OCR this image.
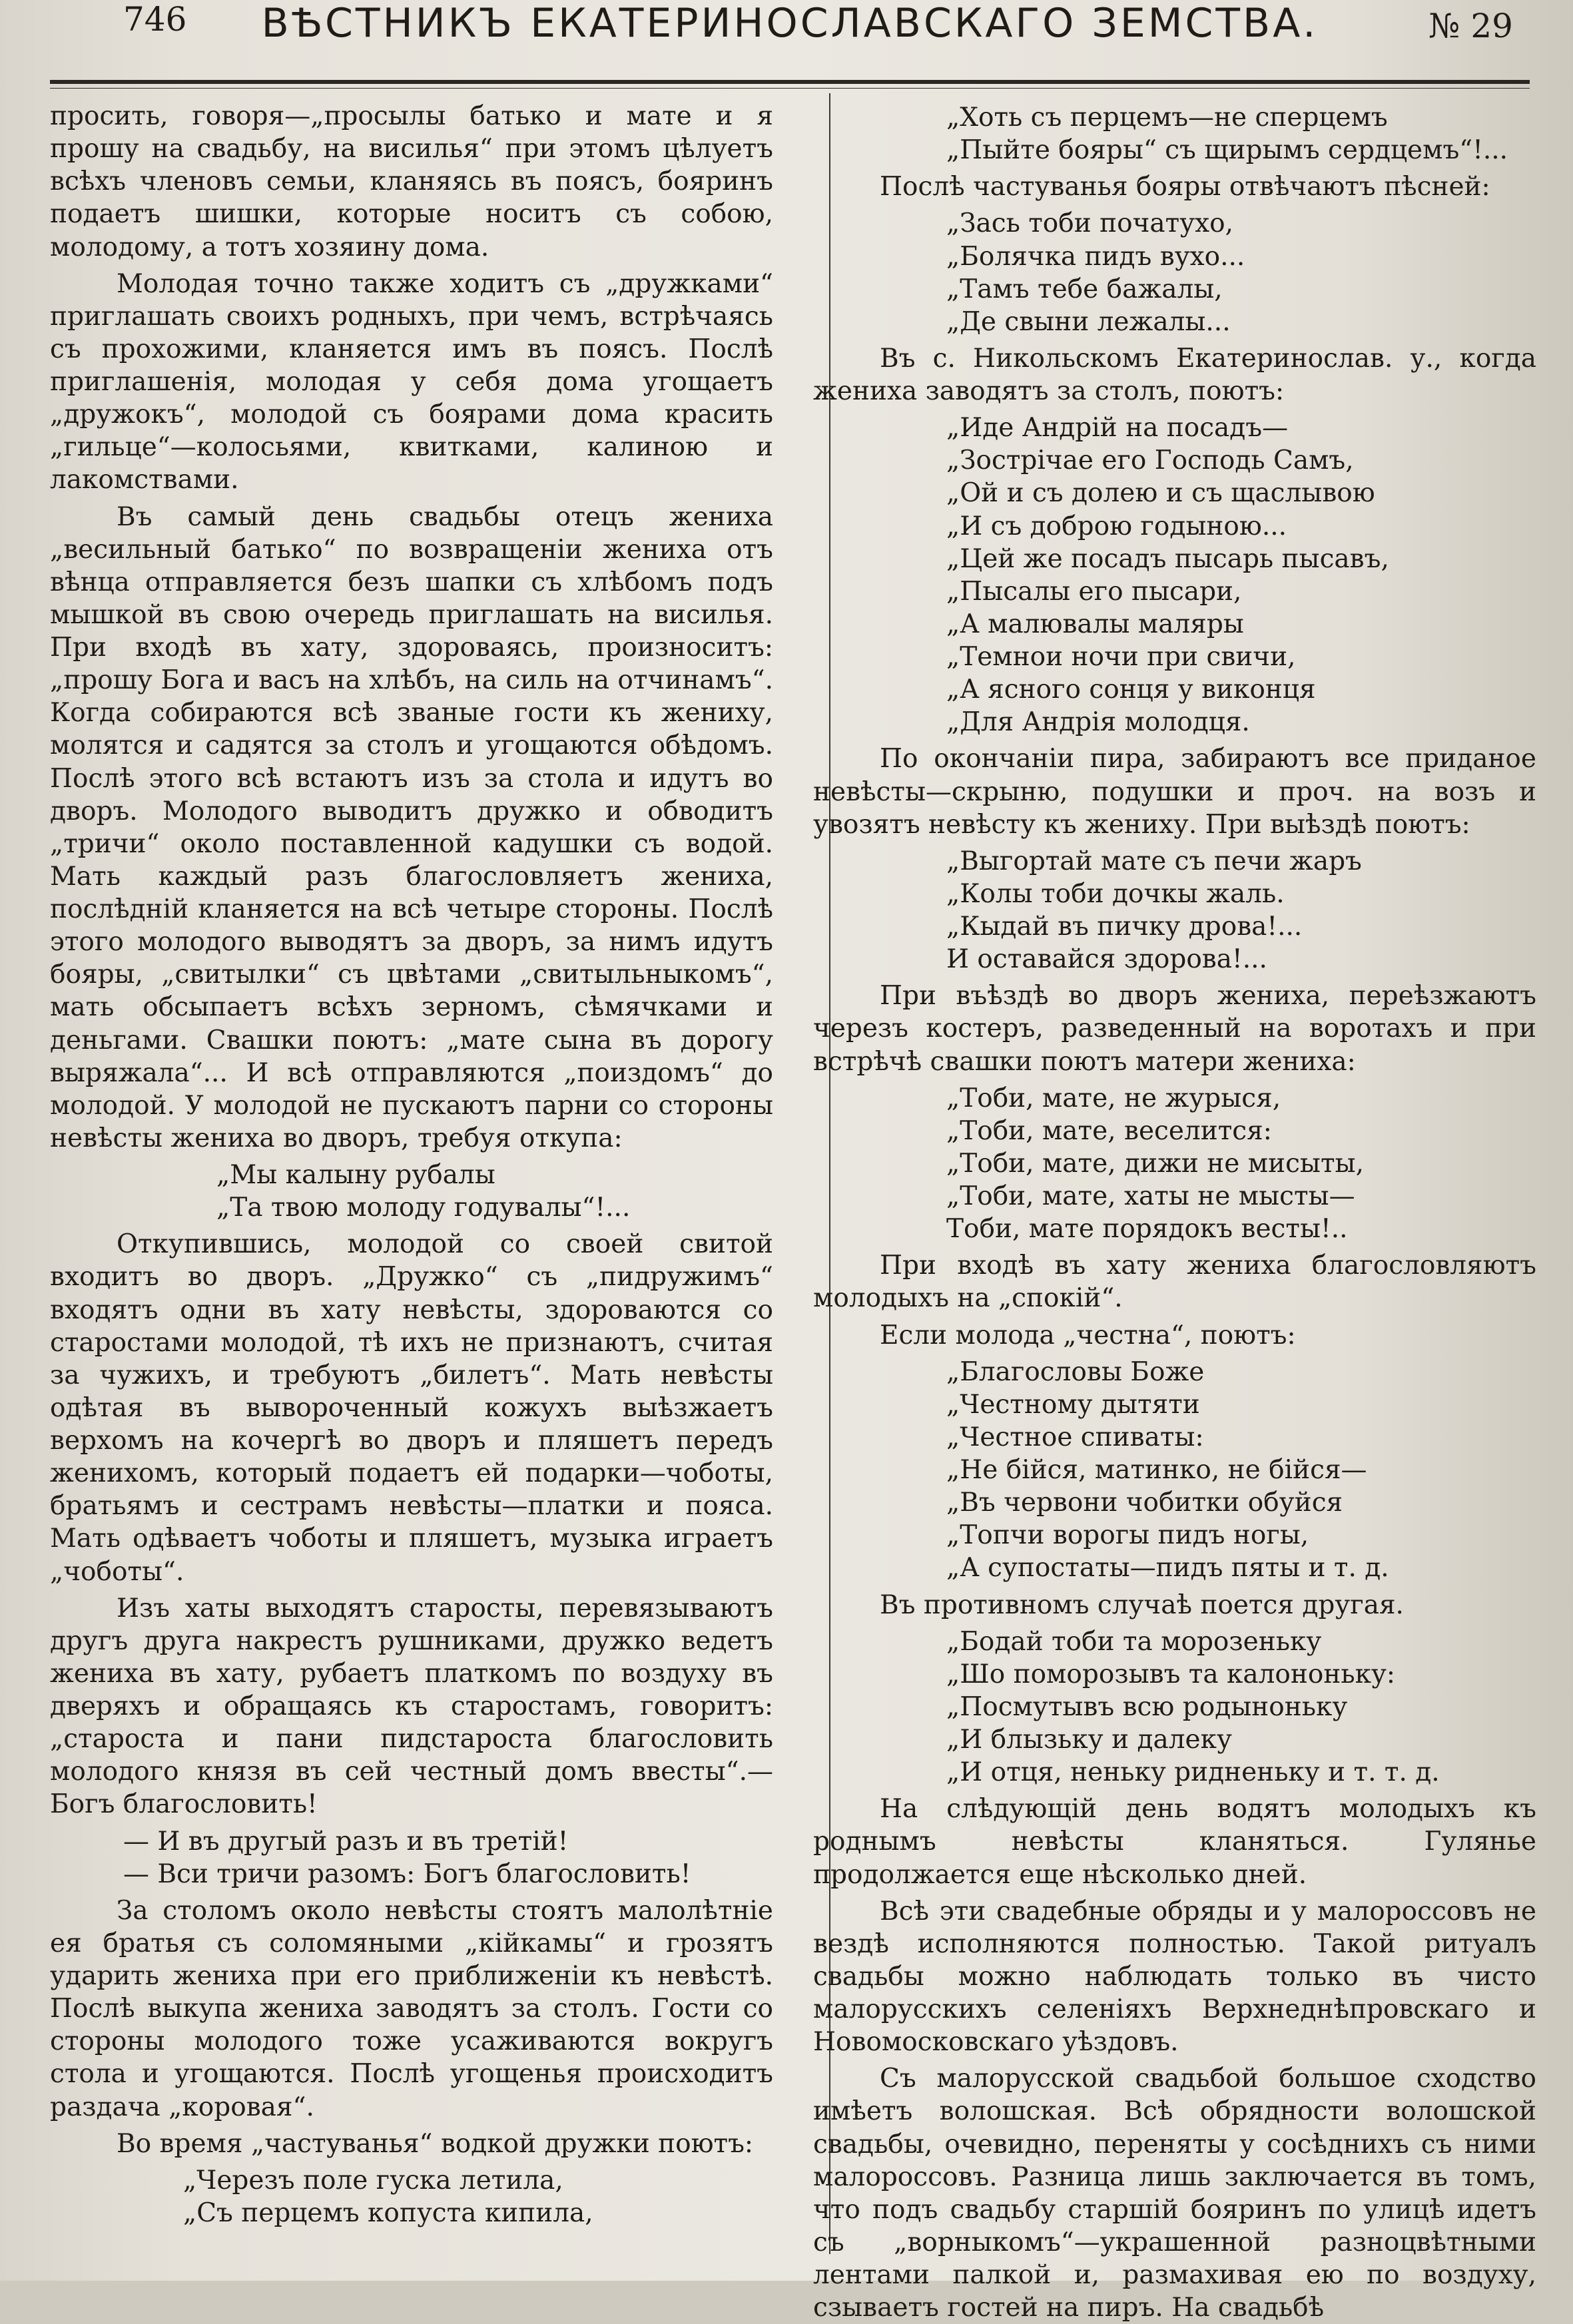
746	ВѢСТНИКЪ ЕКАТЕРИНОСЛАВСКАГО ЗЕМСТВА.	№ 29

просить, говоря—„просылы батько и мате и я прошу на свадьбу, на висилья“ при этомъ цѣлуетъ всѣхъ членовъ семьи, кланяясь въ поясъ, бояринъ подаетъ шишки, которые носитъ съ собою, молодому, а тотъ хозяину дома.

Молодая точно также ходитъ съ „дружками“ приглашать своихъ родныхъ, при чемъ, встрѣчаясь съ прохожими, кланяется имъ въ поясъ. Послѣ приглашенія, молодая у себя дома угощаетъ „дружокъ“, молодой съ боярами дома красить „гильце“—колосьями, квитками, калиною и лакомствами.

Въ самый день свадьбы отецъ жениха „весильный батько“ по возвращеніи жениха отъ вѣнца отправляется безъ шапки съ хлѣбомъ подъ мышкой въ свою очередь приглашать на висилья. При входѣ въ хату, здороваясь, произноситъ: „прошу Бога и васъ на хлѣбъ, на силь на отчинамъ“. Когда собираются всѣ званые гости къ жениху, молятся и садятся за столъ и угощаются обѣдомъ. Послѣ этого всѣ встаютъ изъ за стола и идутъ во дворъ. Молодого выводитъ дружко и обводитъ „тричи“ около поставленной кадушки съ водой. Мать каждый разъ благословляетъ жениха, послѣдній кланяется на всѣ четыре стороны. Послѣ этого молодого выводятъ за дворъ, за нимъ идутъ бояры, „свитылки“ съ цвѣтами „свитыльныкомъ“, мать обсыпаетъ всѣхъ зерномъ, сѣмячками и деньгами. Свашки поютъ: „мате сына въ дорогу выряжала“... И всѣ отправляются „поиздомъ“ до молодой. У молодой не пускаютъ парни со стороны невѣсты жениха во дворъ, требуя откупа:

„Мы калыну рубалы
„Та твою молоду годувалы“!...

Откупившись, молодой со своей свитой входитъ во дворъ. „Дружко“ съ „пидружимъ“ входятъ одни въ хату невѣсты, здороваются со старостами молодой, тѣ ихъ не признаютъ, считая за чужихъ, и требуютъ „билетъ“. Мать невѣсты одѣтая въ вывороченный кожухъ выѣзжаетъ верхомъ на кочергѣ во дворъ и пляшетъ передъ женихомъ, который подаетъ ей подарки—чоботы, братьямъ и сестрамъ невѣсты—платки и пояса. Мать одѣваетъ чоботы и пляшетъ, музыка играетъ „чоботы“.

Изъ хаты выходятъ старосты, перевязываютъ другъ друга накрестъ рушниками, дружко ведетъ жениха въ хату, рубаетъ платкомъ по воздуху въ дверяхъ и обращаясь къ старостамъ, говоритъ: „староста и пани пидстароста благословить молодого князя въ сей честный домъ ввесты“.—Богъ благословить!

— И въ другый разъ и въ третій!
— Вси тричи разомъ: Богъ благословить!

За столомъ около невѣсты стоятъ малолѣтніе ея братья съ соломяными „кійкамы“ и грозятъ ударить жениха при его приближеніи къ невѣстѣ. Послѣ выкупа жениха заводятъ за столъ. Гости со стороны молодого тоже усаживаются вокругъ стола и угощаются. Послѣ угощенья происходитъ раздача „коровая“.

Во время „частуванья“ водкой дружки поютъ:

„Черезъ поле гуска летила,
„Съ перцемъ копуста кипила,
„Хоть съ перцемъ—не сперцемъ
„Пыйте бояры“ съ щирымъ сердцемъ“!...

Послѣ частуванья бояры отвѣчаютъ пѣсней:

„Зась тоби початухо,
„Болячка пидъ вухо...
„Тамъ тебе бажалы,
„Де свыни лежалы...

Въ с. Никольскомъ Екатеринослав. у., когда жениха заводятъ за столъ, поютъ:

„Иде Андрій на посадъ—
„Зострічае его Господь Самъ,
„Ой и съ долею и съ щаслывою
„И съ доброю годыною...
„Цей же посадъ пысарь пысавъ,
„Пысалы его пысари,
„А малювалы маляры
„Темнои ночи при свичи,
„А ясного сонця у виконця
„Для Андрія молодця.

По окончаніи пира, забираютъ все приданое невѣсты—скрыню, подушки и проч. на возъ и увозятъ невѣсту къ жениху. При выѣздѣ поютъ:

„Выгортай мате съ печи жаръ
„Колы тоби дочкы жаль.
„Кыдай въ пичку дрова!...
И оставайся здорова!...

При въѣздѣ во дворъ жениха, переѣзжаютъ черезъ костеръ, разведенный на воротахъ и при встрѣчѣ свашки поютъ матери жениха:

„Тоби, мате, не журыся,
„Тоби, мате, веселится:
„Тоби, мате, дижи не мисыты,
„Тоби, мате, хаты не мысты—
Тоби, мате порядокъ весты!..

При входѣ въ хату жениха благословляютъ молодыхъ на „спокій“.

Если молода „честна“, поютъ:

„Благословы Боже
„Честному дытяти
„Честное спиваты:
„Не бійся, матинко, не бійся—
„Въ червони чобитки обуйся
„Топчи ворогы пидъ ногы,
„А супостаты—пидъ пяты и т. д.

Въ противномъ случаѣ поется другая.

„Бодай тоби та морозеньку
„Шо поморозывъ та калононьку:
„Посмутывъ всю родыноньку
„И блызьку и далеку
„И отця, неньку ридненьку и т. т. д.

На слѣдующій день водятъ молодыхъ къ роднымъ невѣсты кланяться. Гулянье продолжается еще нѣсколько дней.

Всѣ эти свадебные обряды и у малороссовъ не вездѣ исполняются полностью. Такой ритуалъ свадьбы можно наблюдать только въ чисто малорусскихъ селеніяхъ Верхнеднѣпровскаго и Новомосковскаго уѣздовъ.

Съ малорусской свадьбой большое сходство имѣетъ волошская. Всѣ обрядности волошской свадьбы, очевидно, переняты у сосѣднихъ съ ними малороссовъ. Разница лишь заключается въ томъ, что подъ свадьбу старшій бояринъ по улицѣ идетъ съ „ворныкомъ“—украшенной разноцвѣтными лентами палкой и, размахивая ею по воздуху, сзываетъ гостей на пиръ. На свадьбѣ
